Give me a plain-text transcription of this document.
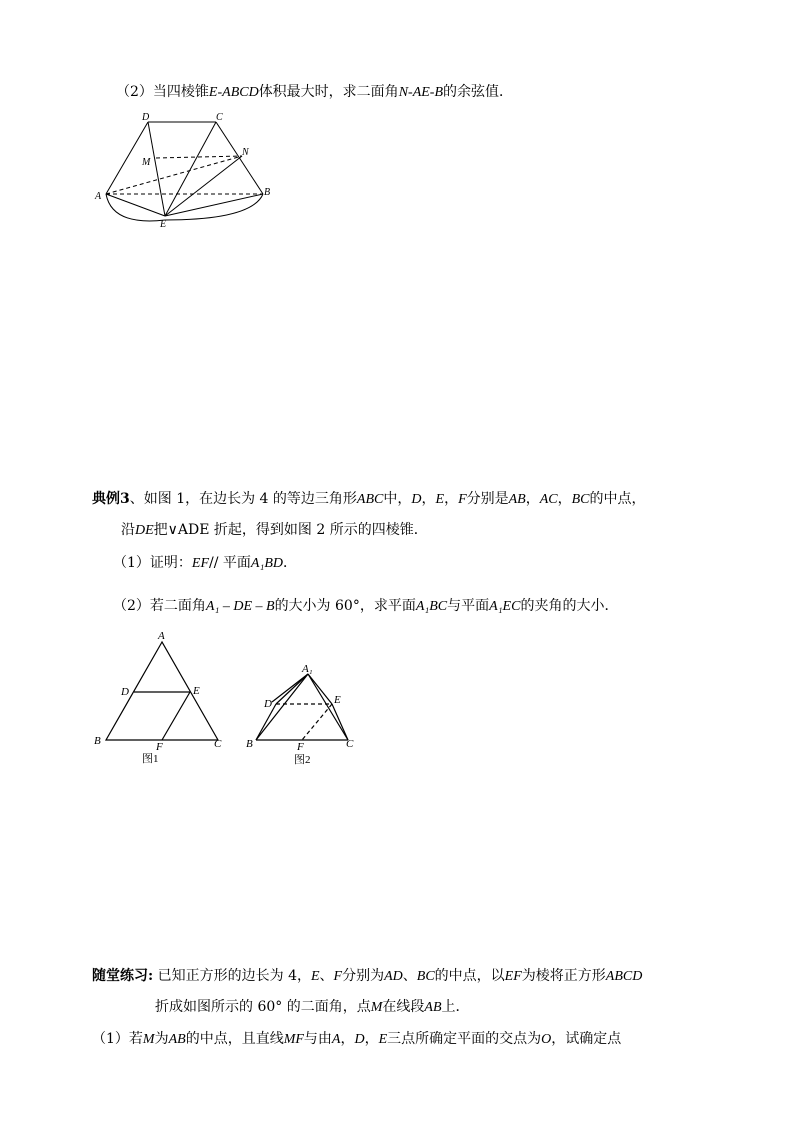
（2）当四棱锥E-ABCD体积最大时，求二面角N-AE-B的余弦值．
D	C
M
N
A	B
E
典例3、如图 1，在边长为 4 的等边三角形ABC中，D，E，F分别是AB，AC，BC的中点，
沿DE把∨ADE 折起，得到如图 2 所示的四棱锥．
（1）证明：EF// 平面A₁BD．
（2）若二面角A₁ – DE – B的大小为 60°，求平面A₁BC与平面A₁EC的夹角的大小．
A
D	E
B	F	C
图1
A₁
D	E
B	F	C
图2
随堂练习: 已知正方形的边长为 4，E、F分别为AD、BC的中点，以EF为棱将正方形ABCD
折成如图所示的 60° 的二面角，点M在线段AB上．
（1）若M为AB的中点，且直线MF与由A，D，E三点所确定平面的交点为O，试确定点
